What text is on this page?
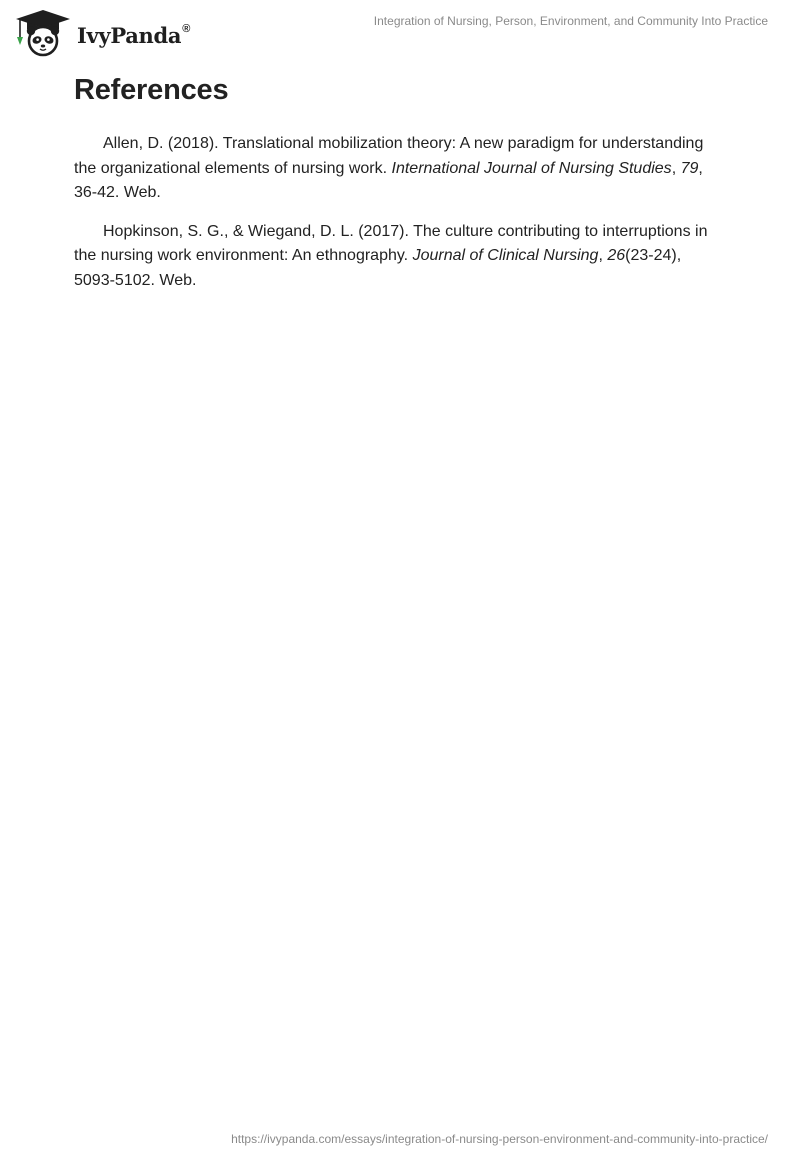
IvyPanda®
Integration of Nursing, Person, Environment, and Community Into Practice
References

Allen, D. (2018). Translational mobilization theory: A new paradigm for understanding the organizational elements of nursing work. International Journal of Nursing Studies, 79, 36-42. Web.

Hopkinson, S. G., & Wiegand, D. L. (2017). The culture contributing to interruptions in the nursing work environment: An ethnography. Journal of Clinical Nursing, 26(23-24), 5093-5102. Web.

https://ivypanda.com/essays/integration-of-nursing-person-environment-and-community-into-practice/
